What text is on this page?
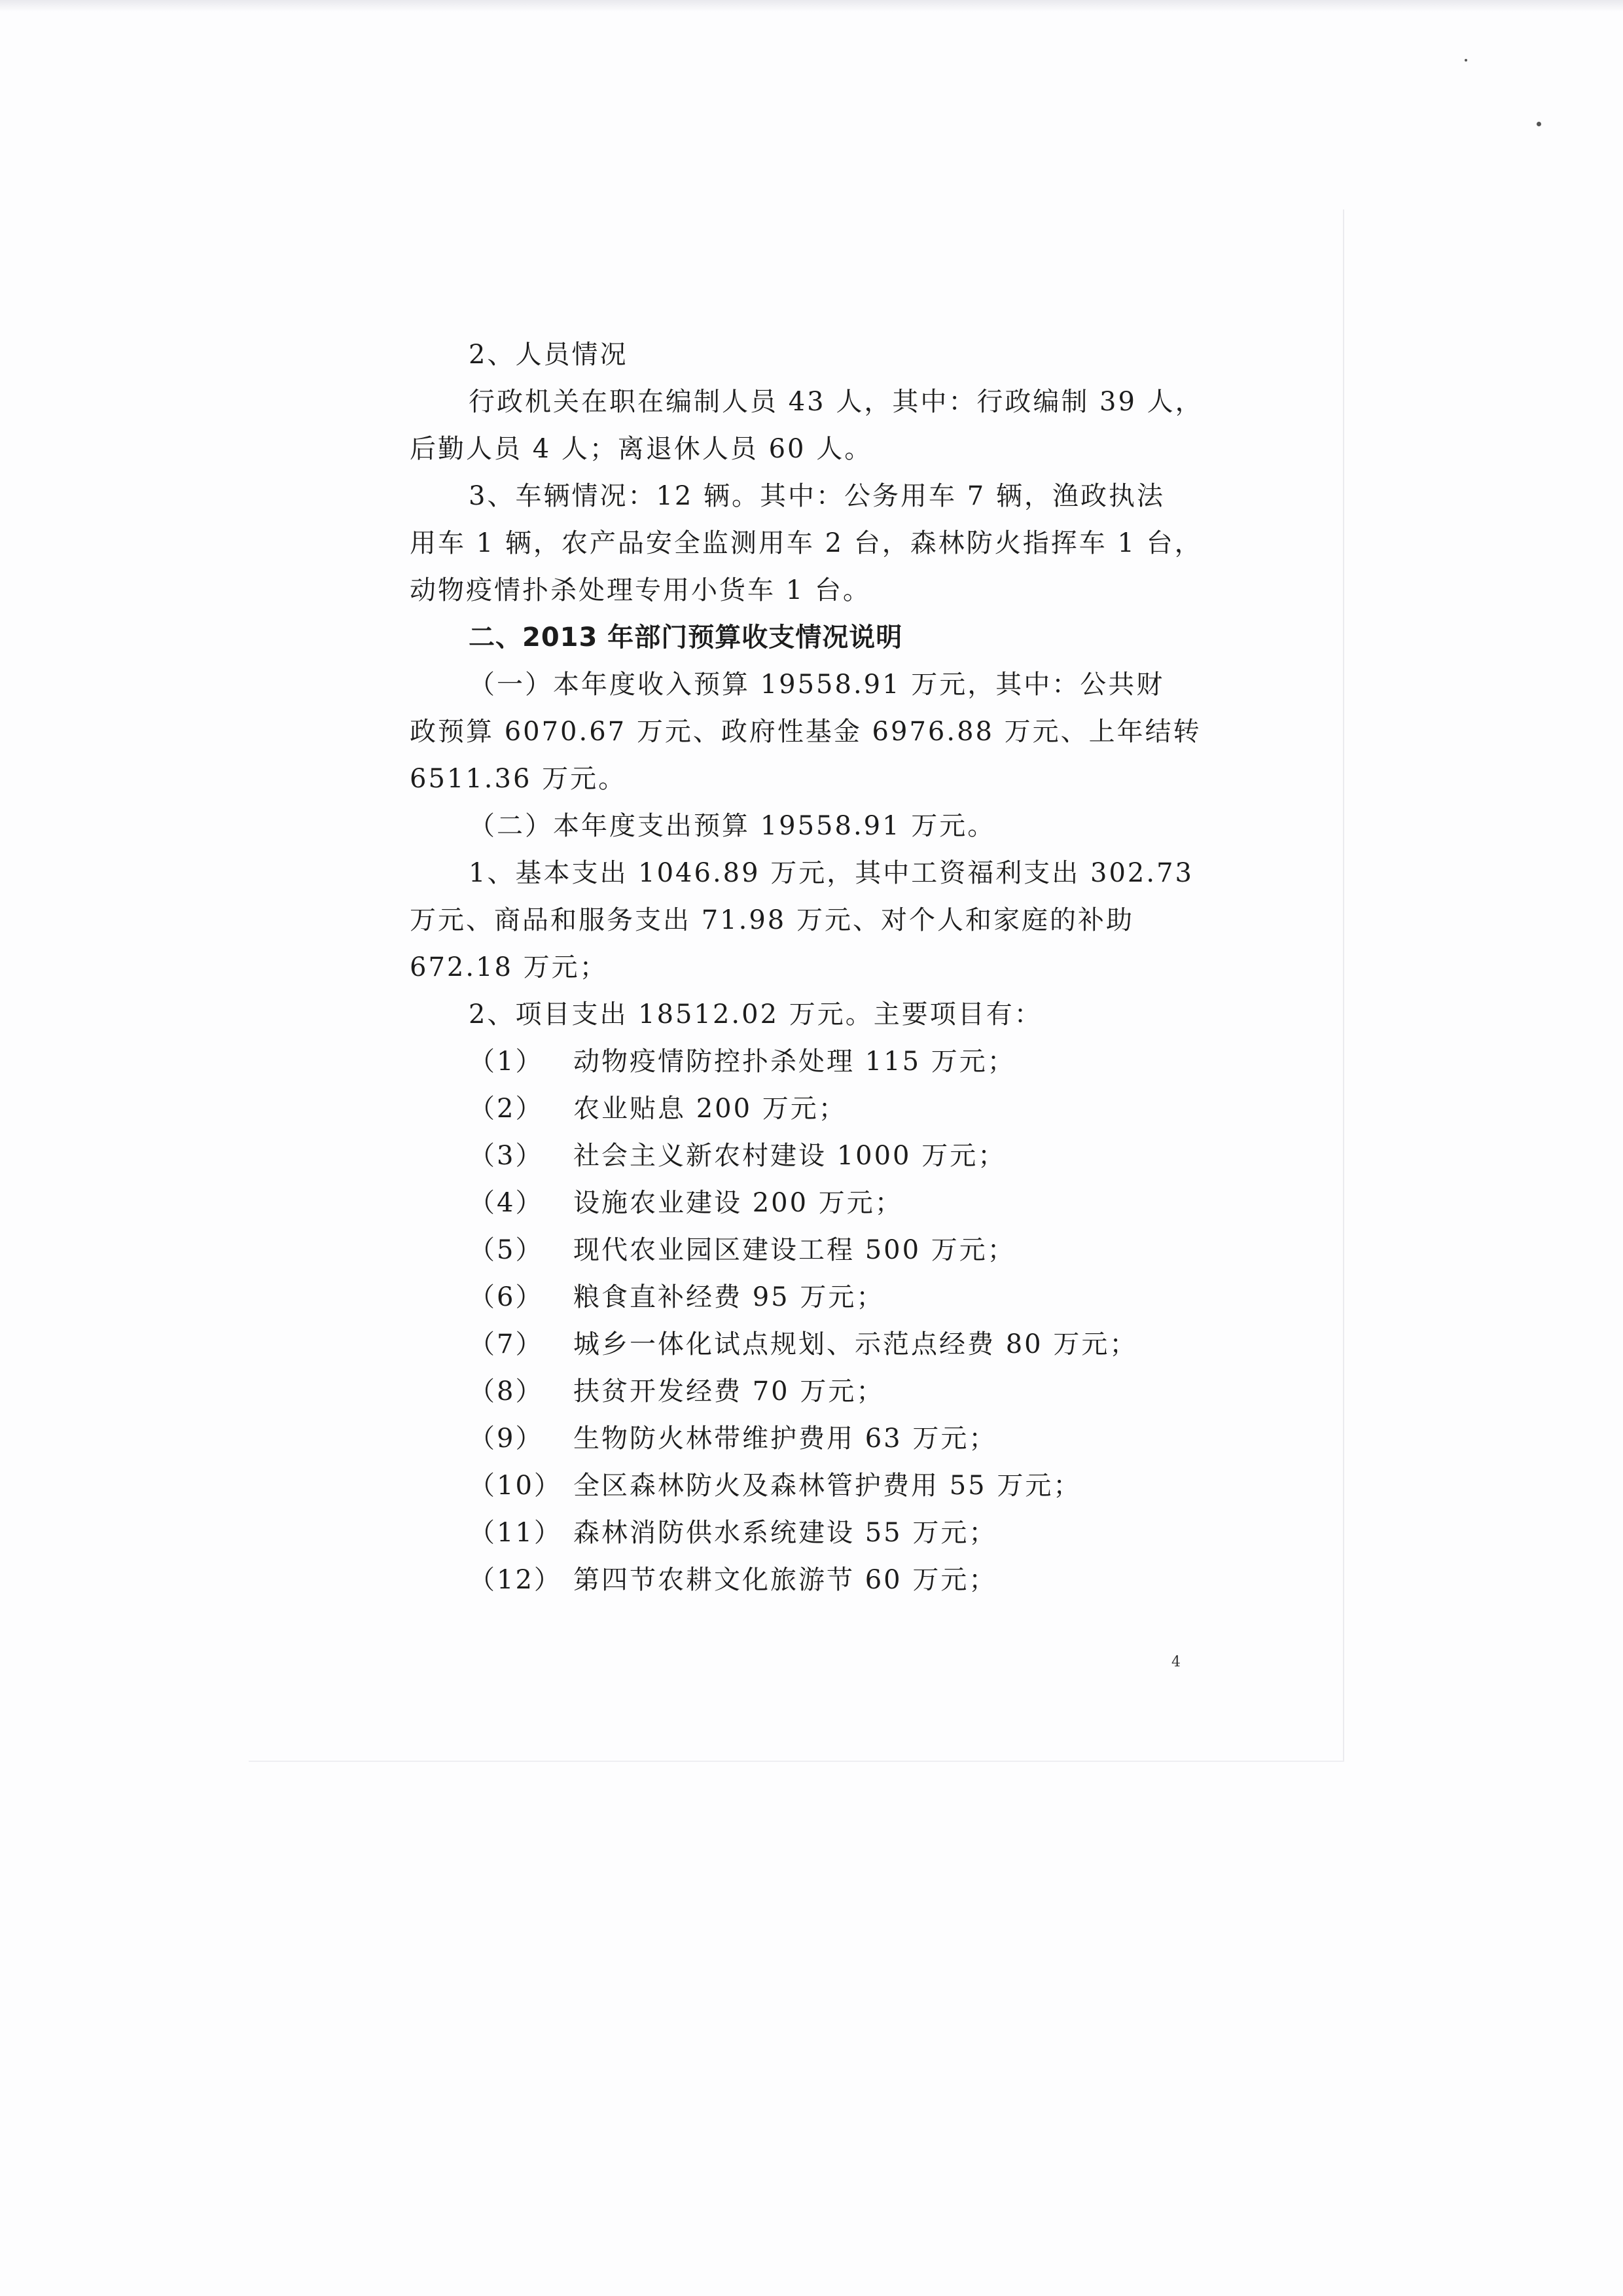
2、人员情况
行政机关在职在编制人员 43 人，其中：行政编制 39 人，
后勤人员 4 人；离退休人员 60 人。
3、车辆情况：12 辆。其中：公务用车 7 辆，渔政执法
用车 1 辆，农产品安全监测用车 2 台，森林防火指挥车 1 台，
动物疫情扑杀处理专用小货车 1 台。
二、2013 年部门预算收支情况说明
（一）本年度收入预算 19558.91 万元，其中：公共财
政预算 6070.67 万元、政府性基金 6976.88 万元、上年结转
6511.36 万元。
（二）本年度支出预算 19558.91 万元。
1、基本支出 1046.89 万元，其中工资福利支出 302.73
万元、商品和服务支出 71.98 万元、对个人和家庭的补助
672.18 万元；
2、项目支出 18512.02 万元。主要项目有：
（1） 动物疫情防控扑杀处理 115 万元；
（2） 农业贴息 200 万元；
（3） 社会主义新农村建设 1000 万元；
（4） 设施农业建设 200 万元；
（5） 现代农业园区建设工程 500 万元；
（6） 粮食直补经费 95 万元；
（7） 城乡一体化试点规划、示范点经费 80 万元；
（8） 扶贫开发经费 70 万元；
（9） 生物防火林带维护费用 63 万元；
（10） 全区森林防火及森林管护费用 55 万元；
（11） 森林消防供水系统建设 55 万元；
（12） 第四节农耕文化旅游节 60 万元；
4
